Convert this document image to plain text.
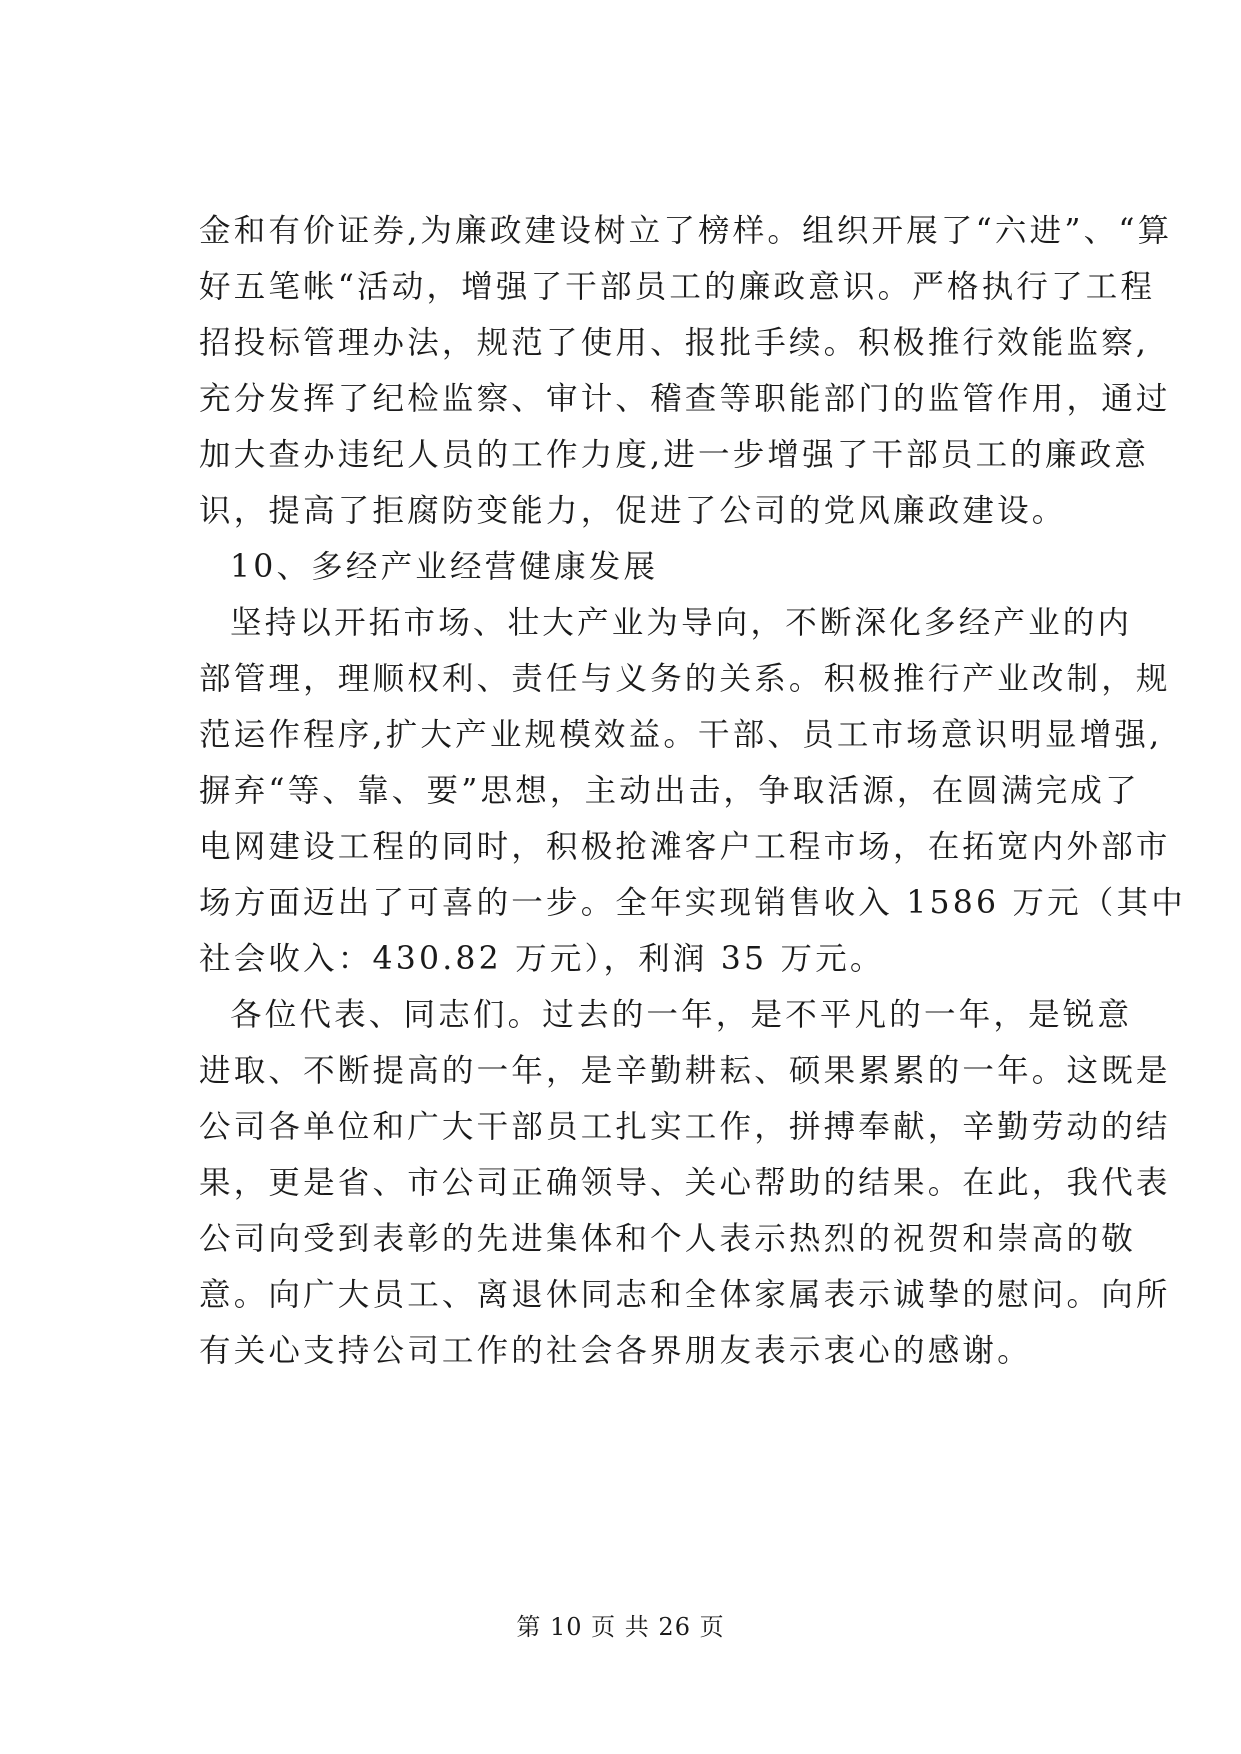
金和有价证券,为廉政建设树立了榜样。组织开展了“六进”、“算
好五笔帐“活动，增强了干部员工的廉政意识。严格执行了工程
招投标管理办法，规范了使用、报批手续。积极推行效能监察,
充分发挥了纪检监察、审计、稽查等职能部门的监管作用，通过
加大查办违纪人员的工作力度,进一步增强了干部员工的廉政意
识，提高了拒腐防变能力，促进了公司的党风廉政建设。
10、多经产业经营健康发展
坚持以开拓市场、壮大产业为导向，不断深化多经产业的内
部管理，理顺权利、责任与义务的关系。积极推行产业改制，规
范运作程序,扩大产业规模效益。干部、员工市场意识明显增强,
摒弃“等、靠、要”思想，主动出击，争取活源，在圆满完成了
电网建设工程的同时，积极抢滩客户工程市场，在拓宽内外部市
场方面迈出了可喜的一步。全年实现销售收入 1586 万元（其中
社会收入：430.82 万元），利润 35 万元。
各位代表、同志们。过去的一年，是不平凡的一年，是锐意
进取、不断提高的一年，是辛勤耕耘、硕果累累的一年。这既是
公司各单位和广大干部员工扎实工作，拼搏奉献，辛勤劳动的结
果，更是省、市公司正确领导、关心帮助的结果。在此，我代表
公司向受到表彰的先进集体和个人表示热烈的祝贺和崇高的敬
意。向广大员工、离退休同志和全体家属表示诚挚的慰问。向所
有关心支持公司工作的社会各界朋友表示衷心的感谢。
第 10 页 共 26 页
